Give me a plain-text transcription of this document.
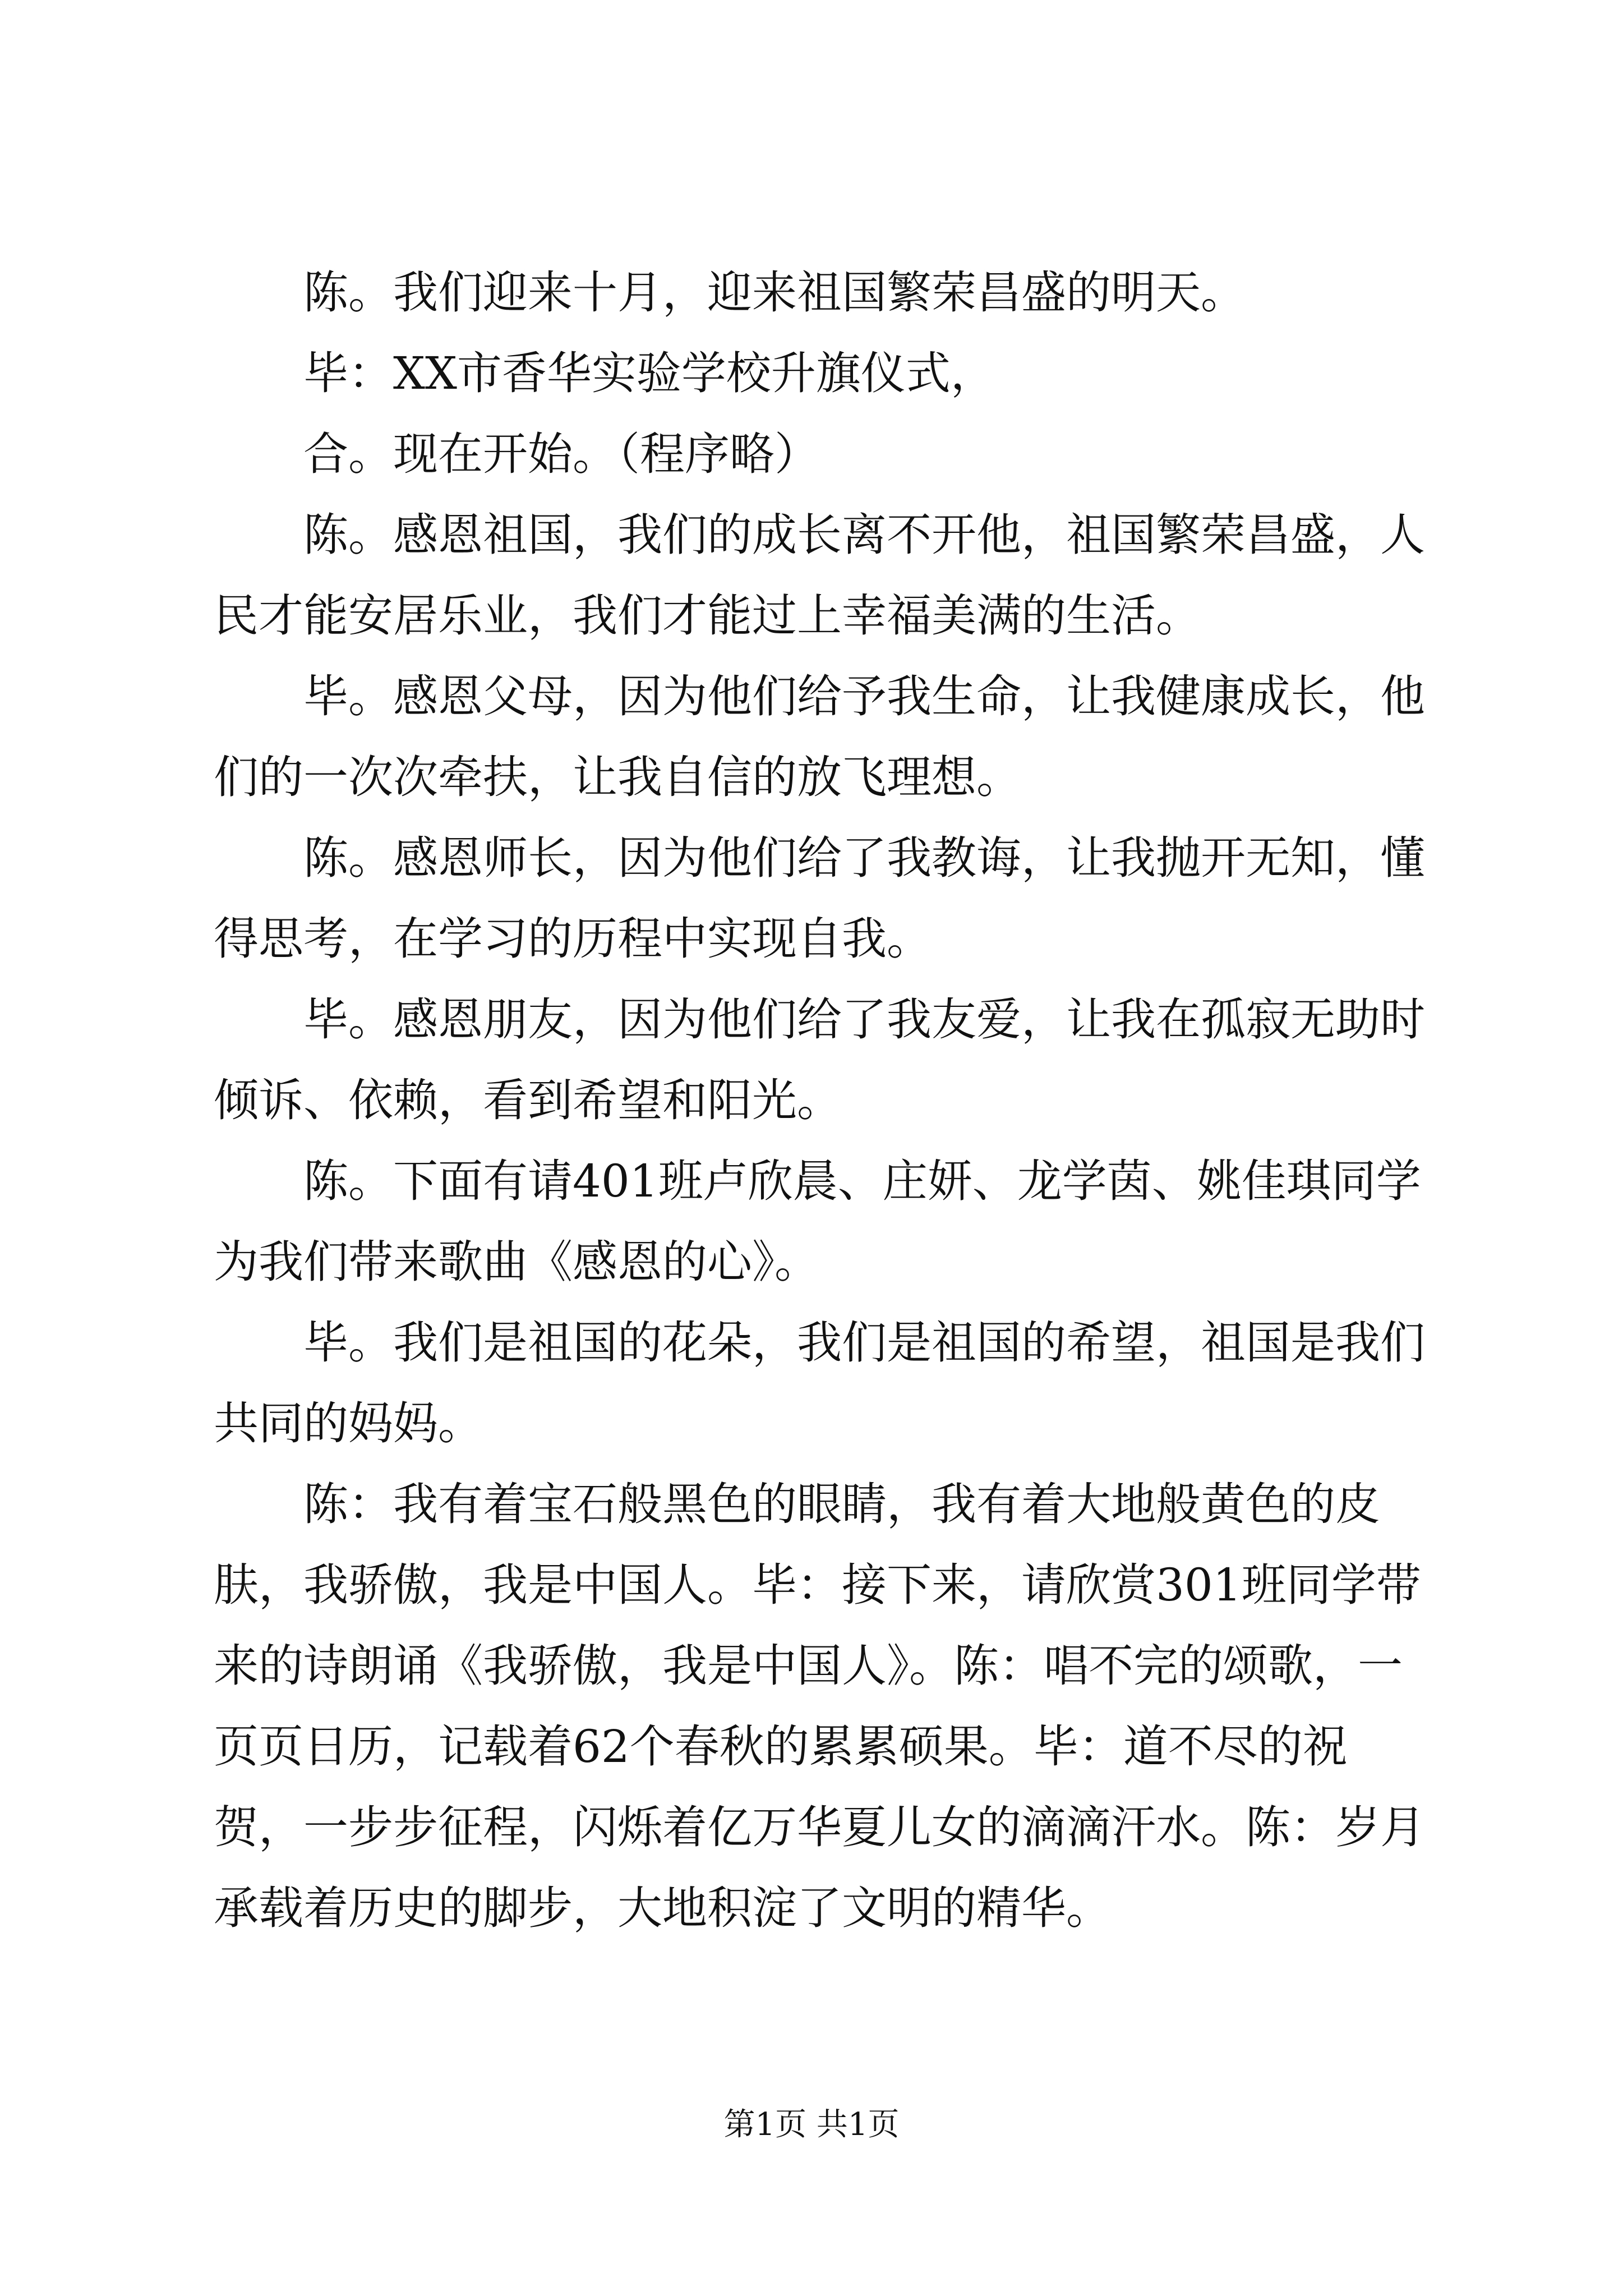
陈。我们迎来十月，迎来祖国繁荣昌盛的明天。

毕：XX市香华实验学校升旗仪式，

合。现在开始。（程序略）

陈。感恩祖国，我们的成长离不开他，祖国繁荣昌盛，人民才能安居乐业，我们才能过上幸福美满的生活。

毕。感恩父母，因为他们给予我生命，让我健康成长，他们的一次次牵扶，让我自信的放飞理想。

陈。感恩师长，因为他们给了我教诲，让我抛开无知，懂得思考，在学习的历程中实现自我。

毕。感恩朋友，因为他们给了我友爱，让我在孤寂无助时倾诉、依赖，看到希望和阳光。

陈。下面有请401班卢欣晨、庄妍、龙学茵、姚佳琪同学为我们带来歌曲《感恩的心》。

毕。我们是祖国的花朵，我们是祖国的希望，祖国是我们共同的妈妈。

陈：我有着宝石般黑色的眼睛，我有着大地般黄色的皮肤，我骄傲，我是中国人。毕：接下来，请欣赏301班同学带来的诗朗诵《我骄傲，我是中国人》。陈：唱不完的颂歌，一页页日历，记载着62个春秋的累累硕果。毕：道不尽的祝贺，一步步征程，闪烁着亿万华夏儿女的滴滴汗水。陈：岁月承载着历史的脚步，大地积淀了文明的精华。

第1页 共1页
